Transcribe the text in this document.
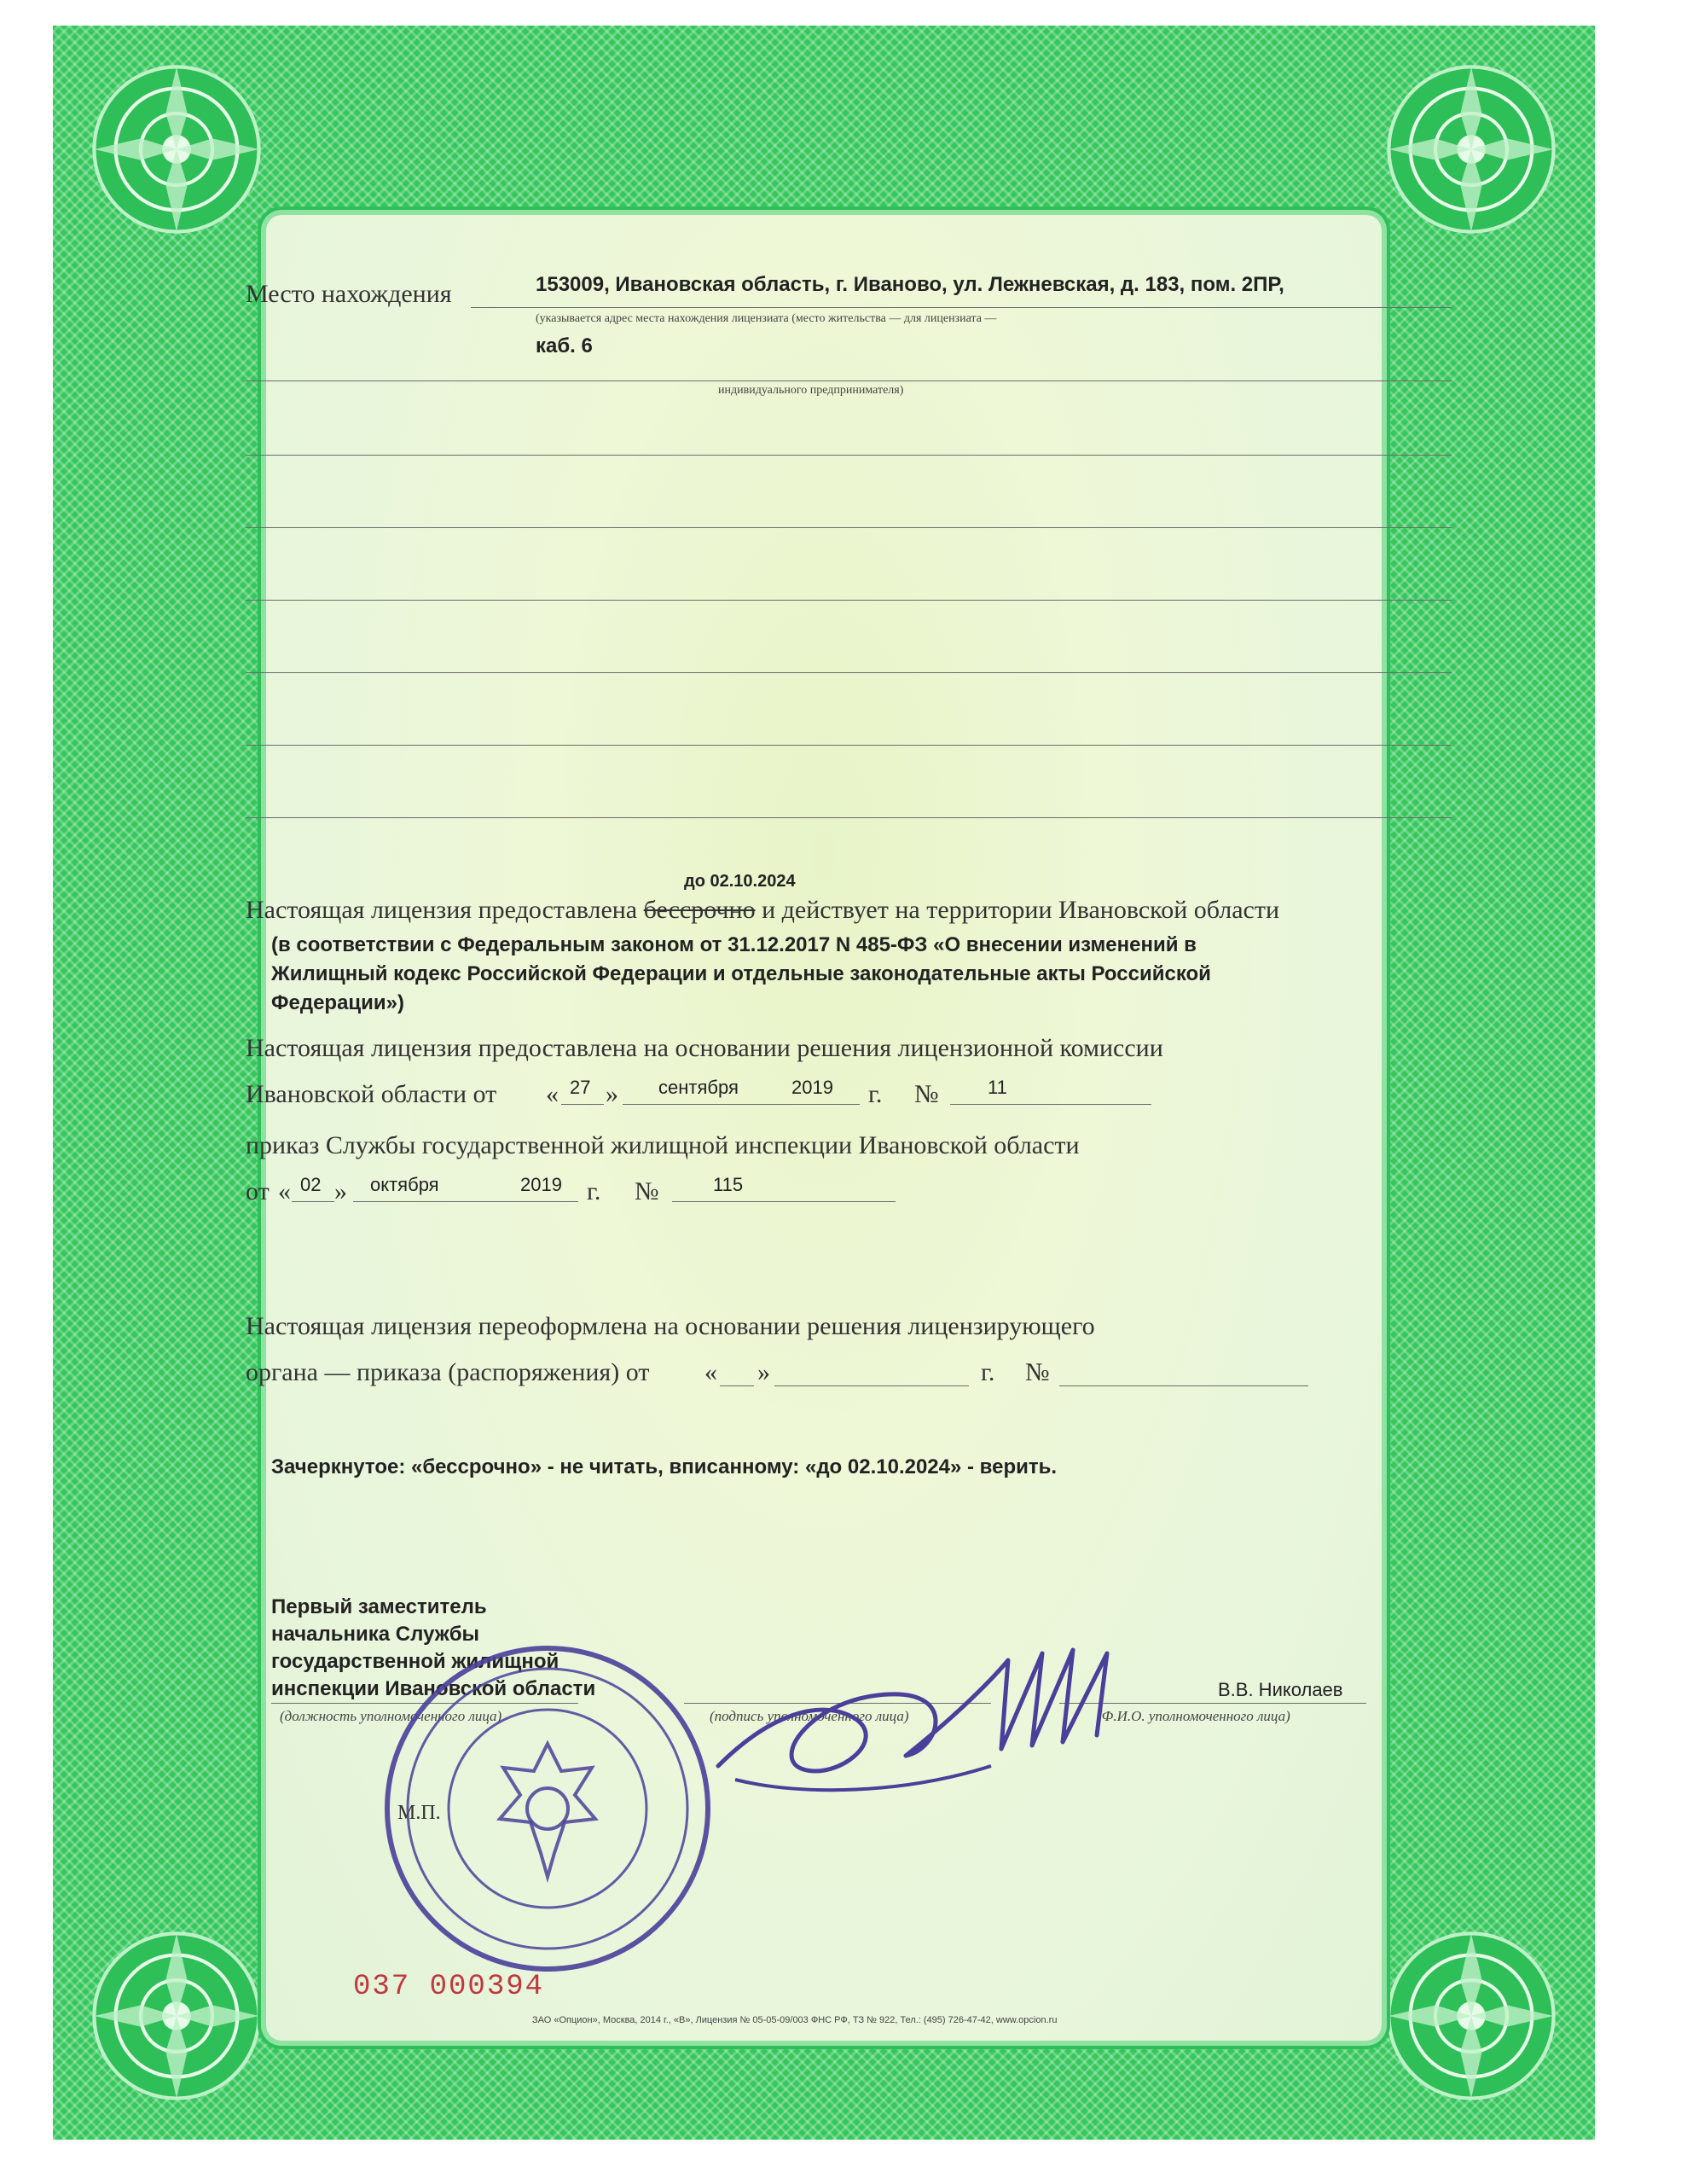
Место нахождения	153009, Ивановская область, г. Иваново, ул. Лежневская, д. 183, пом. 2ПР,
(указывается адрес места нахождения лицензиата (место жительства — для лицензиата —
каб. 6
индивидуального предпринимателя)
до 02.10.2024
Настоящая лицензия предоставлена бессрочно и действует на территории Ивановской области
(в соответствии с Федеральным законом от 31.12.2017 N 485-ФЗ «О внесении изменений в
Жилищный кодекс Российской Федерации и отдельные законодательные акты Российской
Федерации»)
Настоящая лицензия предоставлена на основании решения лицензионной комиссии
Ивановской области от « 27 » сентября	2019 г. №	11
приказ Службы государственной жилищной инспекции Ивановской области
от « 02 » октября	2019 г. №	115
Настоящая лицензия переоформлена на основании решения лицензирующего
органа — приказа (распоряжения) от « »	г. №
Зачеркнутое: «бессрочно» - не читать, вписанному: «до 02.10.2024» - верить.
Первый заместитель
начальника Службы
государственной жилищной
инспекции Ивановской области
(должность уполномоченного лица)	(подпись уполномоченного лица)
В.В. Николаев
(Ф.И.О. уполномоченного лица)
М.П.
037 000394
ЗАО «Опцион», Москва, 2014 г., «В», Лицензия № 05-05-09/003 ФНС РФ, ТЗ № 922, Тел.: (495) 726-47-42, www.opcion.ru
